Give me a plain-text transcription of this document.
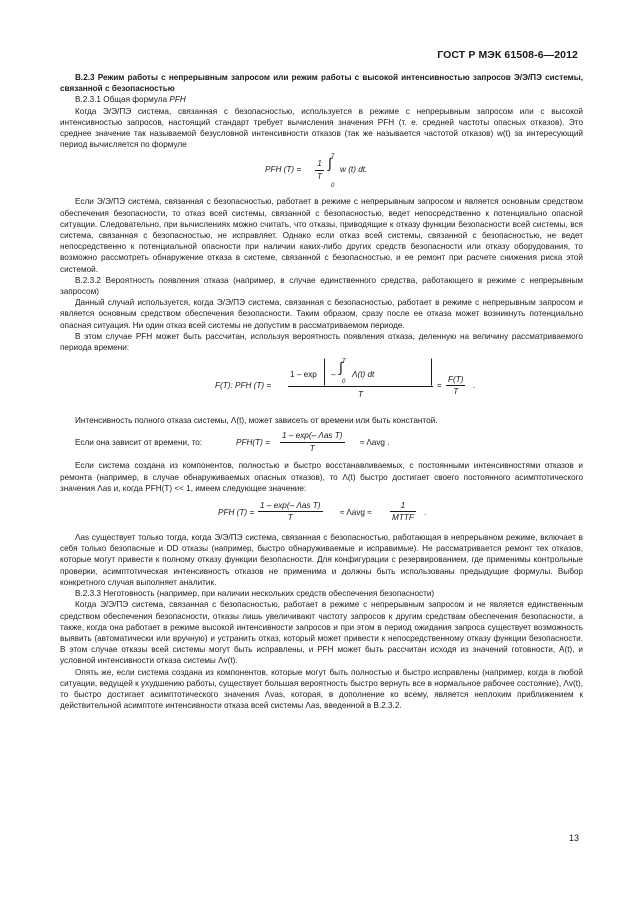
ГОСТ Р МЭК 61508-6—2012

В.2.3 Режим работы с непрерывным запросом или режим работы с высокой интенсивностью запросов Э/Э/ПЭ системы, связанной с безопасностью

В.2.3.1 Общая формула PFH

Когда Э/Э/ПЭ система, связанная с безопасностью, используется в режиме с непрерывным запросом или с высокой интенсивностью запросов, настоящий стандарт требует вычисления значения PFH (т. е. средней частоты опасных отказов). Это среднее значение так называемой безусловной интенсивности отказов (так же называется частотой отказов) w(t) за интересующий период вычисляется по формуле

PFH $(T) = \frac{1}{T}$
T
∫
0
w (t) dt.

Если Э/Э/ПЭ система, связанная с безопасностью, работает в режиме с непрерывным запросом и является основным средством обеспечения безопасности, то отказ всей системы, связанной с безопасностью, ведет непосредственно к потенциально опасной ситуации. Следовательно, при вычислениях можно считать, что отказы, приводящие к отказу функции безопасности всей системы, вся система, связанная с безопасностью, не исправляет. Однако если отказ всей системы, связанной с безопасностью, не ведет непосредственно к потенциальной опасности при наличии каких-либо других средств безопасности или отказу оборудования, то возможно рассмотреть обнаружение отказа в системе, связанной с безопасностью, и ее ремонт при расчете снижения риска этой системой.

В.2.3.2 Вероятность появления отказа (например, в случае единственного средства, работающего в режиме с непрерывным запросом)

Данный случай используется, когда Э/Э/ПЭ система, связанная с безопасностью, работает в режиме с непрерывным запросом и является основным средством обеспечения безопасности. Таким образом, сразу после ее отказа может возникнуть потенциально опасная ситуация. Ни один отказ всей системы не допустим в рассматриваемом периоде.

В этом случае PFH может быть рассчитан, используя вероятность появления отказа, деленную на величину рассматриваемого периода времени:

F(T): PFH (T) =
1 – exp –
T
∫
0
Λ(t) dt
T
= $\frac{F(T)}{T}$ .

Интенсивность полного отказа системы, Λ(t), может зависеть от времени или быть константой.

Если она зависит от времени, то:	PFH(T) =
1 – exp(– Λas T)
T
≈ Λavg .

Если система создана из компонентов, полностью и быстро восстанавливаемых, с постоянными интенсивностями отказов и ремонта (например, в случае обнаруживаемых опасных отказов), то Λ(t) быстро достигает своего постоянного асимптотического значения Λas и, когда PFH(T) << 1, имеем следующее значение:

PFH (T) =
1 – exp(– Λas T)
T
≈ Λavg ≈
1
MTTF
.

Λas существует только тогда, когда Э/Э/ПЭ система, связанная с безопасностью, работающая в непрерывном режиме, включает в себя только безопасные и DD отказы (например, быстро обнаруживаемые и исправимые). Не рассматривается ремонт тех отказов, которые могут привести к полному отказу функции безопасности. Для конфигурации с резервированием, где применимы контрольные проверки, асимптотическая интенсивность отказов не применима и должны быть использованы предыдущие формулы. Выбор конкретного случая выполняет аналитик.

В.2.3.3 Неготовность (например, при наличии нескольких средств обеспечения безопасности)

Когда Э/Э/ПЭ система, связанная с безопасностью, работает в режиме с непрерывным запросом и не является единственным средством обеспечения безопасности, отказы лишь увеличивают частоту запросов к другим средствам обеспечения безопасности, а также, когда она работает в режиме высокой интенсивности запросов и при этом в период ожидания запроса существует возможность выявить (автоматически или вручную) и устранить отказ, который может привести к непосредственному отказу функции безопасности. В этом случае отказы всей системы могут быть исправлены, и PFH может быть рассчитан исходя из значений готовности, A(t), и условной интенсивности отказа системы Λv(t).

Опять же, если система создана из компонентов, которые могут быть полностью и быстро исправлены (например, когда в любой ситуации, ведущей к ухудшению работы, существует большая вероятность быстро вернуть все в нормальное рабочее состояние), Λv(t), то быстро достигает асимптотического значения Λvas, которая, в дополнение ко всему, является неплохим приближением к действительной асимптоте интенсивности отказа всей системы Λas, введенной в В.2.3.2.

13
